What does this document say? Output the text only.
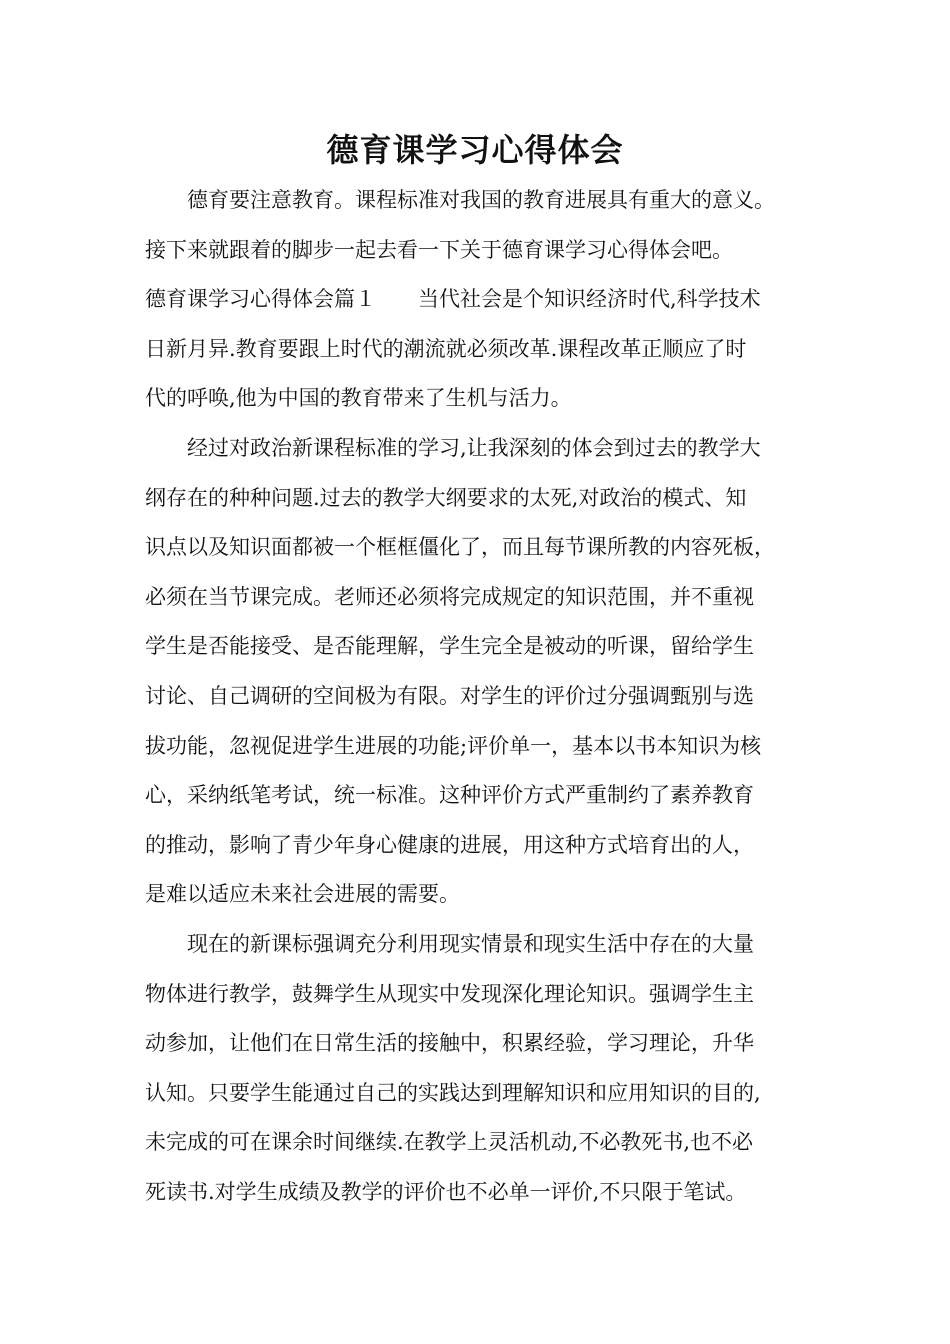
德育课学习心得体会
　　德育要注意教育。课程标准对我国的教育进展具有重大的意义。
接下来就跟着的脚步一起去看一下关于德育课学习心得体会吧。
德育课学习心得体会篇１　　当代社会是个知识经济时代,科学技术
日新月异.教育要跟上时代的潮流就必须改革.课程改革正顺应了时
代的呼唤,他为中国的教育带来了生机与活力。
　　经过对政治新课程标准的学习,让我深刻的体会到过去的教学大
纲存在的种种问题.过去的教学大纲要求的太死,对政治的模式、知
识点以及知识面都被一个框框僵化了，而且每节课所教的内容死板，
必须在当节课完成。老师还必须将完成规定的知识范围，并不重视
学生是否能接受、是否能理解，学生完全是被动的听课，留给学生
讨论、自己调研的空间极为有限。对学生的评价过分强调甄别与选
拔功能，忽视促进学生进展的功能;评价单一，基本以书本知识为核
心，采纳纸笔考试，统一标准。这种评价方式严重制约了素养教育
的推动，影响了青少年身心健康的进展，用这种方式培育出的人，
是难以适应未来社会进展的需要。
　　现在的新课标强调充分利用现实情景和现实生活中存在的大量
物体进行教学，鼓舞学生从现实中发现深化理论知识。强调学生主
动参加，让他们在日常生活的接触中，积累经验，学习理论，升华
认知。只要学生能通过自己的实践达到理解知识和应用知识的目的,
未完成的可在课余时间继续.在教学上灵活机动,不必教死书,也不必
死读书.对学生成绩及教学的评价也不必单一评价,不只限于笔试。
